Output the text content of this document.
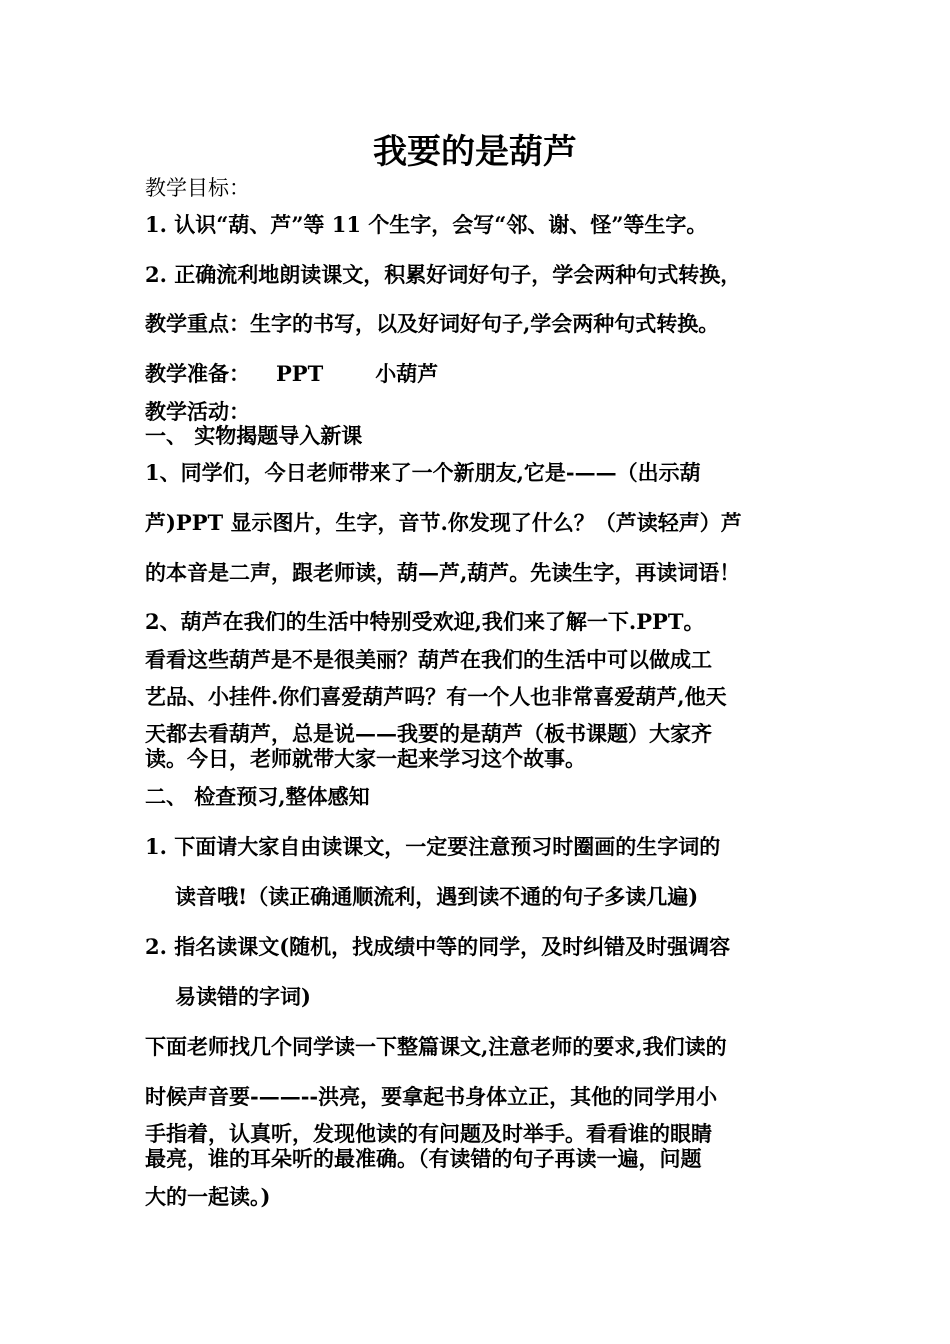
我要的是葫芦
教学目标：
1. 认识“葫、芦”等 11 个生字，会写“邻、谢、怪”等生字。
2. 正确流利地朗读课文，积累好词好句子，学会两种句式转换，
教学重点：生字的书写，以及好词好句子,学会两种句式转换。
教学准备： PPT 小葫芦
教学活动：
一、 实物揭题导入新课
1、同学们，今日老师带来了一个新朋友,它是-——（出示葫
芦)PPT 显示图片，生字，音节.你发现了什么？（芦读轻声）芦
的本音是二声，跟老师读，葫—芦,葫芦。先读生字，再读词语！
2、葫芦在我们的生活中特别受欢迎,我们来了解一下.PPT。
看看这些葫芦是不是很美丽？葫芦在我们的生活中可以做成工
艺品、小挂件.你们喜爱葫芦吗？有一个人也非常喜爱葫芦,他天
天都去看葫芦，总是说——我要的是葫芦（板书课题）大家齐
读。今日，老师就带大家一起来学习这个故事。
二、 检查预习,整体感知
1. 下面请大家自由读课文，一定要注意预习时圈画的生字词的
读音哦!（读正确通顺流利，遇到读不通的句子多读几遍)
2. 指名读课文(随机，找成绩中等的同学，及时纠错及时强调容
易读错的字词)
下面老师找几个同学读一下整篇课文,注意老师的要求,我们读的
时候声音要-——--洪亮，要拿起书身体立正，其他的同学用小
手指着，认真听，发现他读的有问题及时举手。看看谁的眼睛
最亮，谁的耳朵听的最准确。（有读错的句子再读一遍，问题
大的一起读。)
